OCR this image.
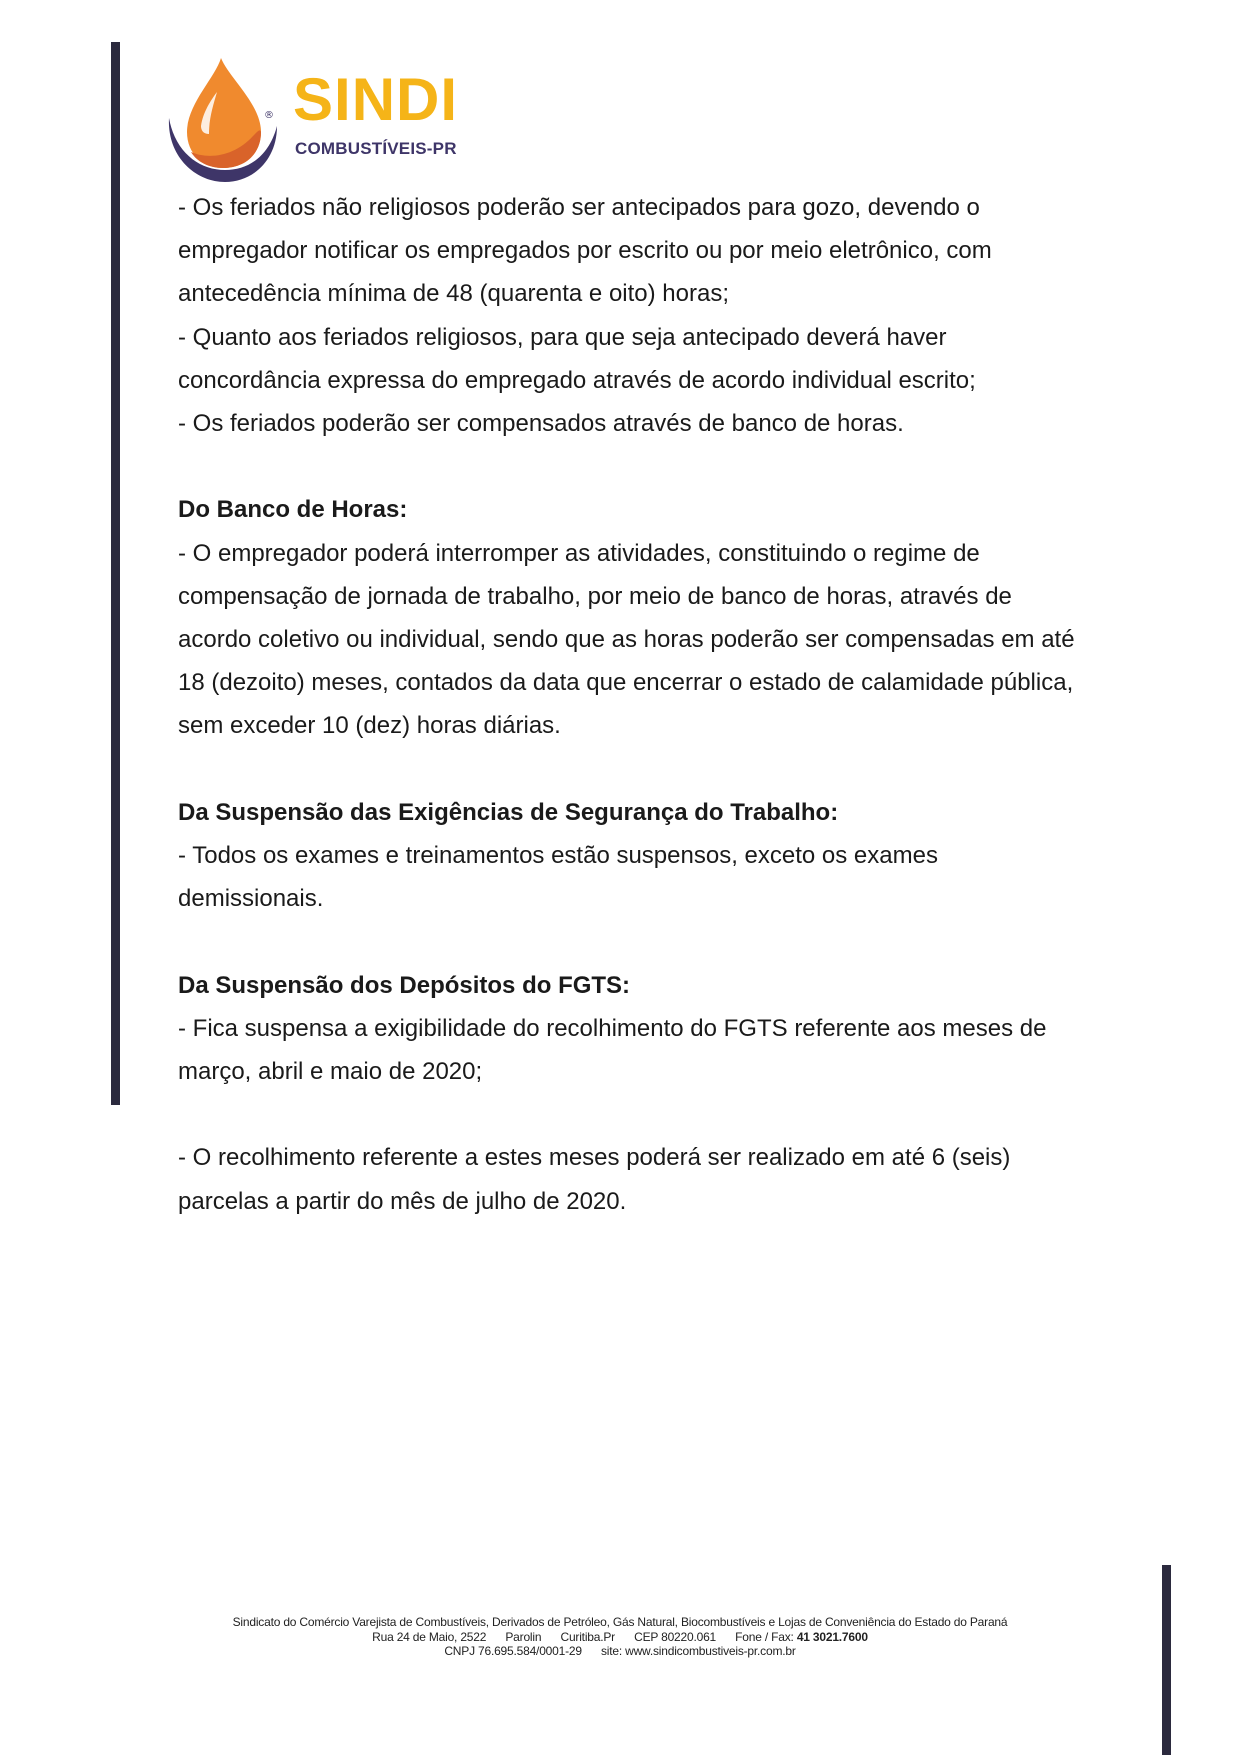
® SINDI
COMBUSTÍVEIS-PR

- Os feriados não religiosos poderão ser antecipados para gozo, devendo o empregador notificar os empregados por escrito ou por meio eletrônico, com antecedência mínima de 48 (quarenta e oito) horas;

- Quanto aos feriados religiosos, para que seja antecipado deverá haver concordância expressa do empregado através de acordo individual escrito;

- Os feriados poderão ser compensados através de banco de horas.

Do Banco de Horas:

- O empregador poderá interromper as atividades, constituindo o regime de compensação de jornada de trabalho, por meio de banco de horas, através de acordo coletivo ou individual, sendo que as horas poderão ser compensadas em até 18 (dezoito) meses, contados da data que encerrar o estado de calamidade pública, sem exceder 10 (dez) horas diárias.

Da Suspensão das Exigências de Segurança do Trabalho:

- Todos os exames e treinamentos estão suspensos, exceto os exames demissionais.

Da Suspensão dos Depósitos do FGTS:

- Fica suspensa a exigibilidade do recolhimento do FGTS referente aos meses de março, abril e maio de 2020;

- O recolhimento referente a estes meses poderá ser realizado em até 6 (seis) parcelas a partir do mês de julho de 2020.

Sindicato do Comércio Varejista de Combustíveis, Derivados de Petróleo, Gás Natural, Biocombustíveis e Lojas de Conveniência do Estado do Paraná
Rua 24 de Maio, 2522 Parolin Curitiba.Pr CEP 80220.061 Fone / Fax: 41 3021.7600
CNPJ 76.695.584/0001-29 site: www.sindicombustiveis-pr.com.br
